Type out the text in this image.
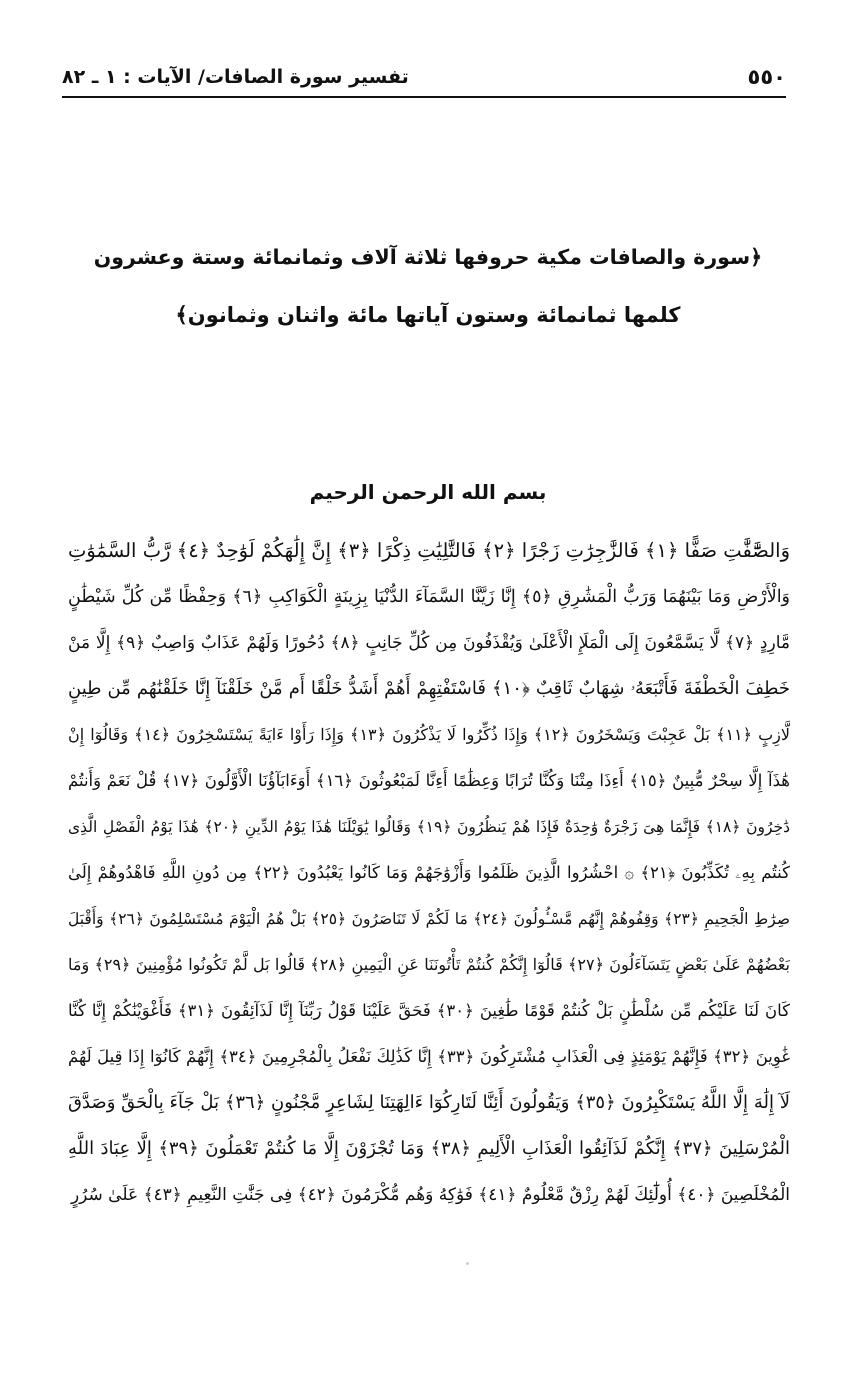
٥٥٠
تفسير سورة الصافات/ الآيات : ١ ـ ٨٢
﴿سورة والصافات مكية حروفها ثلاثة آلاف وثمانمائة وستة وعشرون
كلمها ثمانمائة وستون آياتها مائة واثنان وثمانون﴾
بسم الله الرحمن الرحيم
وَالصَّٰٓفَّٰتِ صَفًّا ﴿١﴾ فَالزَّٰجِرَٰتِ زَجْرًا ﴿٢﴾ فَالتَّٰلِيَٰتِ ذِكْرًا ﴿٣﴾ إِنَّ إِلَٰهَكُمْ لَوَٰحِدٌ ﴿٤﴾ رَّبُّ السَّمَٰوَٰتِ
وَالْأَرْضِ وَمَا بَيْنَهُمَا وَرَبُّ الْمَشَٰرِقِ ﴿٥﴾ إِنَّا زَيَّنَّا السَّمَآءَ الدُّنْيَا بِزِينَةٍ الْكَوَاكِبِ ﴿٦﴾ وَحِفْظًا مِّن كُلِّ شَيْطَٰنٍ
مَّارِدٍ ﴿٧﴾ لَّا يَسَّمَّعُونَ إِلَى الْمَلَإِ الْأَعْلَىٰ وَيُقْذَفُونَ مِن كُلِّ جَانِبٍ ﴿٨﴾ دُحُورًا وَلَهُمْ عَذَابٌ وَاصِبٌ ﴿٩﴾ إِلَّا مَنْ
خَطِفَ الْخَطْفَةَ فَأَتْبَعَهُۥ شِهَابٌ ثَاقِبٌ ﴿١٠﴾ فَاسْتَفْتِهِمْ أَهُمْ أَشَدُّ خَلْقًا أَم مَّنْ خَلَقْنَآ إِنَّا خَلَقْنَٰهُم مِّن طِينٍ
لَّازِبٍ ﴿١١﴾ بَلْ عَجِبْتَ وَيَسْخَرُونَ ﴿١٢﴾ وَإِذَا ذُكِّرُوا لَا يَذْكُرُونَ ﴿١٣﴾ وَإِذَا رَأَوْا ءَايَةً يَسْتَسْخِرُونَ ﴿١٤﴾ وَقَالُوٓا إِنْ
هَٰذَآ إِلَّا سِحْرٌ مُّبِينٌ ﴿١٥﴾ أَءِذَا مِتْنَا وَكُنَّا تُرَابًا وَعِظَٰمًا أَءِنَّا لَمَبْعُوثُونَ ﴿١٦﴾ أَوَءَابَآؤُنَا الْأَوَّلُونَ ﴿١٧﴾ قُلْ نَعَمْ وَأَنتُمْ
دَٰخِرُونَ ﴿١٨﴾ فَإِنَّمَا هِىَ زَجْرَةٌ وَٰحِدَةٌ فَإِذَا هُمْ يَنظُرُونَ ﴿١٩﴾ وَقَالُوا يَٰوَيْلَنَا هَٰذَا يَوْمُ الدِّينِ ﴿٢٠﴾ هَٰذَا يَوْمُ الْفَصْلِ الَّذِى
كُنتُم بِهِۦ تُكَذِّبُونَ ﴿٢١﴾ ۞ احْشُرُوا الَّذِينَ ظَلَمُوا وَأَزْوَٰجَهُمْ وَمَا كَانُوا يَعْبُدُونَ ﴿٢٢﴾ مِن دُونِ اللَّهِ فَاهْدُوهُمْ إِلَىٰ
صِرَٰطِ الْجَحِيمِ ﴿٢٣﴾ وَقِفُوهُمْ إِنَّهُم مَّسْـُٔولُونَ ﴿٢٤﴾ مَا لَكُمْ لَا تَنَاصَرُونَ ﴿٢٥﴾ بَلْ هُمُ الْيَوْمَ مُسْتَسْلِمُونَ ﴿٢٦﴾ وَأَقْبَلَ
بَعْضُهُمْ عَلَىٰ بَعْضٍ يَتَسَآءَلُونَ ﴿٢٧﴾ قَالُوٓا إِنَّكُمْ كُنتُمْ تَأْتُونَنَا عَنِ الْيَمِينِ ﴿٢٨﴾ قَالُوا بَل لَّمْ تَكُونُوا مُؤْمِنِينَ ﴿٢٩﴾ وَمَا
كَانَ لَنَا عَلَيْكُم مِّن سُلْطَٰنٍ بَلْ كُنتُمْ قَوْمًا طَٰغِينَ ﴿٣٠﴾ فَحَقَّ عَلَيْنَا قَوْلُ رَبِّنَآ إِنَّا لَذَآئِقُونَ ﴿٣١﴾ فَأَغْوَيْنَٰكُمْ إِنَّا كُنَّا
غَٰوِينَ ﴿٣٢﴾ فَإِنَّهُمْ يَوْمَئِذٍ فِى الْعَذَابِ مُشْتَرِكُونَ ﴿٣٣﴾ إِنَّا كَذَٰلِكَ نَفْعَلُ بِالْمُجْرِمِينَ ﴿٣٤﴾ إِنَّهُمْ كَانُوٓا إِذَا قِيلَ لَهُمْ
لَآ إِلَٰهَ إِلَّا اللَّهُ يَسْتَكْبِرُونَ ﴿٣٥﴾ وَيَقُولُونَ أَئِنَّا لَتَارِكُوٓا ءَالِهَتِنَا لِشَاعِرٍ مَّجْنُونٍ ﴿٣٦﴾ بَلْ جَآءَ بِالْحَقِّ وَصَدَّقَ
الْمُرْسَلِينَ ﴿٣٧﴾ إِنَّكُمْ لَذَآئِقُوا الْعَذَابِ الْأَلِيمِ ﴿٣٨﴾ وَمَا تُجْزَوْنَ إِلَّا مَا كُنتُمْ تَعْمَلُونَ ﴿٣٩﴾ إِلَّا عِبَادَ اللَّهِ
الْمُخْلَصِينَ ﴿٤٠﴾ أُولَٰٓئِكَ لَهُمْ رِزْقٌ مَّعْلُومٌ ﴿٤١﴾ فَوَٰكِهُ وَهُم مُّكْرَمُونَ ﴿٤٢﴾ فِى جَنَّٰتِ النَّعِيمِ ﴿٤٣﴾ عَلَىٰ سُرُرٍ
